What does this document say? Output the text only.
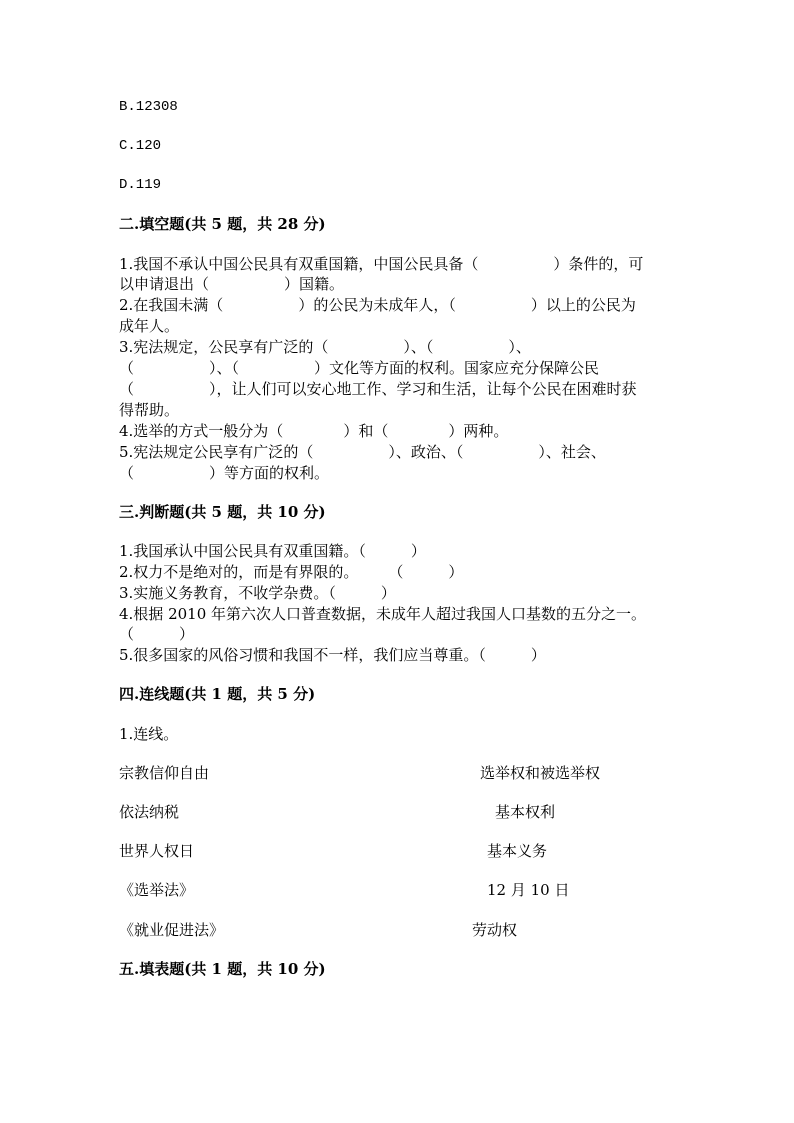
B.12308
C.120
D.119
二.填空题(共 5 题，共 28 分)
1.我国不承认中国公民具有双重国籍，中国公民具备（　　　　　）条件的，可
以申请退出（　　　　　）国籍。
2.在我国未满（　　　　　）的公民为未成年人，（　　　　　）以上的公民为
成年人。
3.宪法规定，公民享有广泛的（　　　　　）、（　　　　　）、
（　　　　　）、（　　　　　）文化等方面的权利。国家应充分保障公民
（　　　　　），让人们可以安心地工作、学习和生活，让每个公民在困难时获
得帮助。
4.选举的方式一般分为（　　　　）和（　　　　）两种。
5.宪法规定公民享有广泛的（　　　　　）、政治、（　　　　　）、社会、
（　　　　　）等方面的权利。
三.判断题(共 5 题，共 10 分)
1.我国承认中国公民具有双重国籍。（　　　）
2.权力不是绝对的，而是有界限的。　　　（　　　）
3.实施义务教育，不收学杂费。（　　　）
4.根据 2010 年第六次人口普查数据，未成年人超过我国人口基数的五分之一。
（　　　）
5.很多国家的风俗习惯和我国不一样，我们应当尊重。（　　　）
四.连线题(共 1 题，共 5 分)
1.连线。
宗教信仰自由	选举权和被选举权
依法纳税	基本权利
世界人权日	基本义务
《选举法》	12 月 10 日
《就业促进法》	劳动权
五.填表题(共 1 题，共 10 分)
